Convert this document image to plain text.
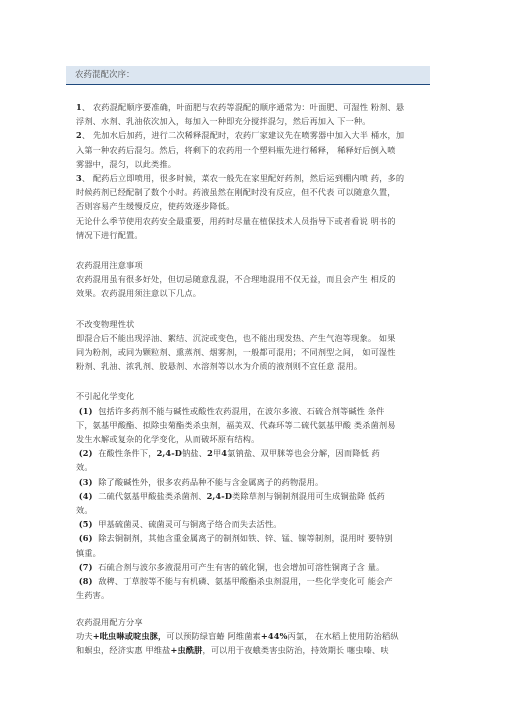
农药混配次序：

1、 农药混配顺序要准确，叶面肥与农药等混配的顺序通常为：叶面肥、可湿性 粉剂、悬

浮剂、水剂、乳油依次加入，每加入一种即充分搅拌混匀，然后再加入 下一种。

2、 先加水后加药，进行二次稀释混配时，农药厂家建议先在喷雾器中加入大半 桶水，加

入第一种农药后混匀。然后，将剩下的农药用一个塑料瓶先进行稀释， 稀释好后倒入喷

雾器中，混匀，以此类推。

3、 配药后立即喷用，很多时候，菜农一般先在家里配好药剂，然后运到棚内喷 药，多的

时候药剂已经配制了数个小时。药液虽然在刚配时没有反应，但不代表 可以随意久置，

否则容易产生缓慢反应，使药效逐步降低。

无论什么季节使用农药安全最重要，用药时尽量在植保技术人员指导下或者看说 明书的

情况下进行配置。

农药混用注意事项

农药混用虽有很多好处，但切忌随意乱混，不合理地混用不仅无益，而且会产生 相反的

效果。农药混用须注意以下几点。

不改变物理性状

即混合后不能出现浮油、絮结、沉淀或变色，也不能出现发热、产生气泡等现象。 如果

同为粉剂，或同为颗粒剂、熏蒸剂、烟雾剂，一般都可混用；不同剂型之间， 如可湿性

粉剂、乳油、浓乳剂、胶悬剂、水溶剂等以水为介质的液剂则不宜任意 混用。

不引起化学变化

(1) 包括许多药剂不能与碱性或酸性农药混用，在波尔多液、石硫合剂等碱性 条件

下，氨基甲酸酯、拟除虫菊酯类杀虫剂，福美双、代森环等二硫代氨基甲酸 类杀菌剂易

发生水解或复杂的化学变化，从而破坏原有结构。

(2) 在酸性条件下，2,4-D钠盐、2甲4氯钠盐、双甲脒等也会分解，因而降低 药

效。

(3) 除了酸碱性外，很多农药品种不能与含金属离子的药物混用。

(4) 二硫代氨基甲酸盐类杀菌剂、2,4-D类除草剂与铜制剂混用可生成铜盐降 低药

效。

(5) 甲基硫菌灵、硫菌灵可与铜离子络合而失去活性。

(6) 除去铜制剂，其他含重金属离子的制剂如铁、锌、锰、镍等制剂，混用时 要特别

慎重。

(7) 石硫合剂与波尔多液混用可产生有害的硫化铜，也会增加可溶性铜离子含 量。

(8) 敌稗、丁草胺等不能与有机磷、氨基甲酸酯杀虫剂混用，一些化学变化可 能会产

生药害。

农药混用配方分享

功夫+吡虫啉或啶虫脒，可以预防绿盲蝽 阿维菌素+44%丙氯， 在水稻上使用防治稻纵

和螟虫，经济实惠 甲维盐+虫酰肼，可以用于夜蛾类害虫防治，持效期长 噻虫嗪、呋
